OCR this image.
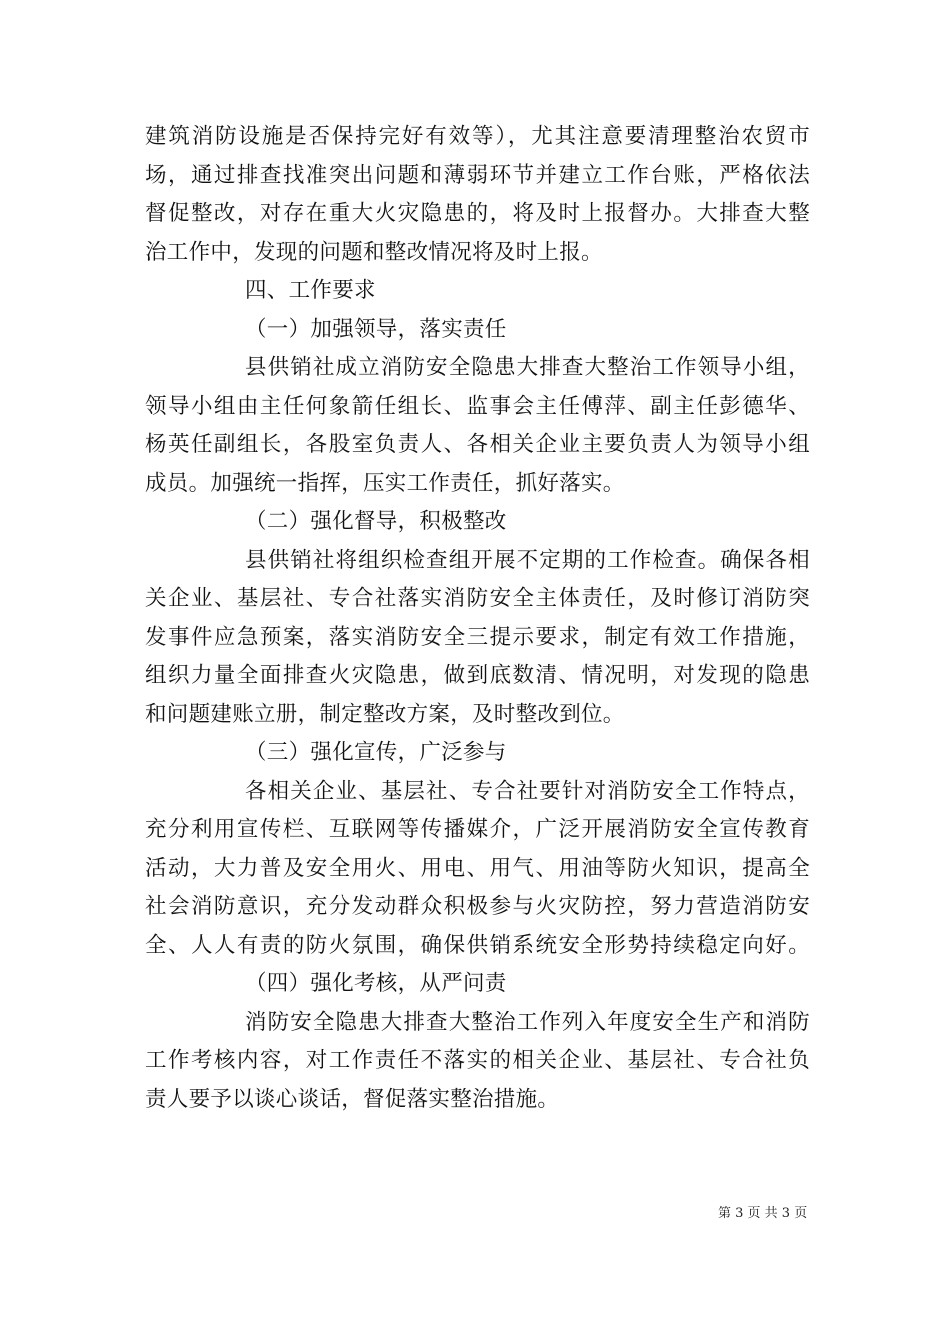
建筑消防设施是否保持完好有效等），尤其注意要清理整治农贸市
场，通过排查找准突出问题和薄弱环节并建立工作台账，严格依法
督促整改，对存在重大火灾隐患的，将及时上报督办。大排查大整
治工作中，发现的问题和整改情况将及时上报。
四、工作要求
（一）加强领导，落实责任
县供销社成立消防安全隐患大排查大整治工作领导小组，
领导小组由主任何象箭任组长、监事会主任傅萍、副主任彭德华、
杨英任副组长，各股室负责人、各相关企业主要负责人为领导小组
成员。加强统一指挥，压实工作责任，抓好落实。
（二）强化督导，积极整改
县供销社将组织检查组开展不定期的工作检查。确保各相
关企业、基层社、专合社落实消防安全主体责任，及时修订消防突
发事件应急预案，落实消防安全三提示要求，制定有效工作措施，
组织力量全面排查火灾隐患，做到底数清、情况明，对发现的隐患
和问题建账立册，制定整改方案，及时整改到位。
（三）强化宣传，广泛参与
各相关企业、基层社、专合社要针对消防安全工作特点，
充分利用宣传栏、互联网等传播媒介，广泛开展消防安全宣传教育
活动，大力普及安全用火、用电、用气、用油等防火知识，提高全
社会消防意识，充分发动群众积极参与火灾防控，努力营造消防安
全、人人有责的防火氛围，确保供销系统安全形势持续稳定向好。
（四）强化考核，从严问责
消防安全隐患大排查大整治工作列入年度安全生产和消防
工作考核内容，对工作责任不落实的相关企业、基层社、专合社负
责人要予以谈心谈话，督促落实整治措施。
第 3 页 共 3 页
